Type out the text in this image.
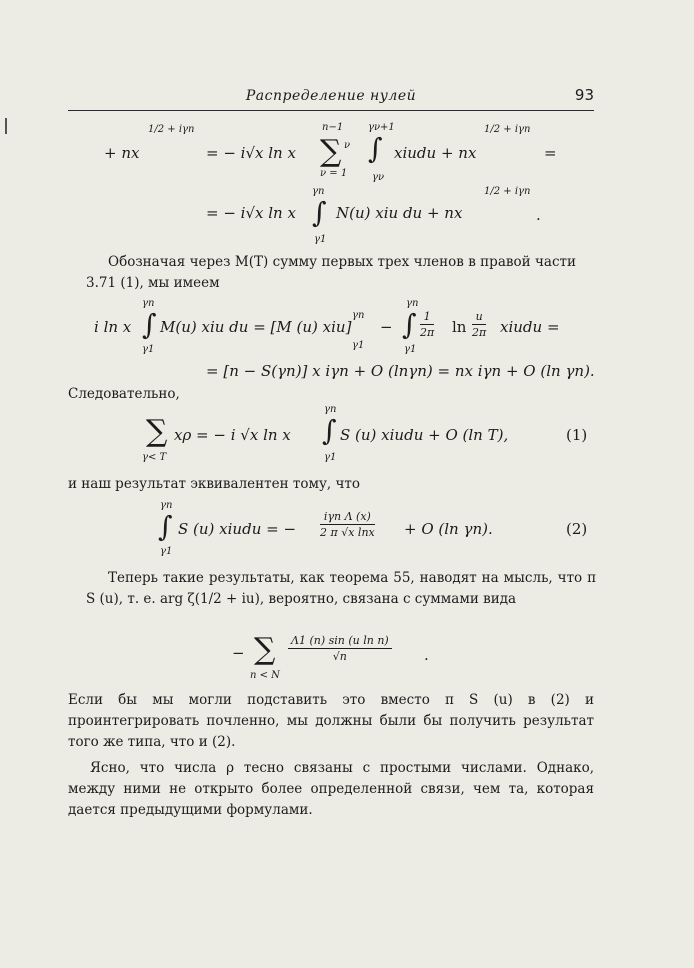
Распределение нулей	93
+ nx
1/2 + iγn
= − i√x ln x
n−1
∑ ν
ν = 1
γν+1
∫
γν
xiudu + nx
1/2 + iγn
=
= − i√x ln x
γn
∫
γ1
N(u) xiu du + nx
1/2 + iγn
.
Обозначая через M(T) сумму первых трех членов в правой части 3.71 (1), мы имеем
i ln x
γn
∫
γ1
M(u) xiu du = [M (u) xiu]
γn
γ1
−
γn
∫
γ1
$\frac{1}{2\pi}$ $\ln \frac{u}{2\pi}$ xiudu =
= [n − S(γn)] x iγn + O (lnγn) = nx iγn + O (ln γn).
Следовательно,
∑
γ< T
xρ = − i √x ln x
γn
∫
γ1
S (u) xiudu + O (ln T),	(1)
и наш результат эквивалентен тому, что
γn
∫
γ1
S (u) xiudu = −
iγn Λ (x)
2 π √x lnx + O (ln γn).	(2)
Теперь такие результаты, как теорема 55, наводят на мысль, что π S (u), т. е. arg ζ(1/2 + iu), вероятно, связана с суммами вида
− ∑
n < N
$\frac{\text{Λ1 (n) sin (u ln n)}}{√n}$ .
Если бы мы могли подставить это вместо π S (u) в (2) и проинтегрировать почленно, мы должны были бы получить результат того же типа, что и (2).
Ясно, что числа ρ тесно связаны с простыми числами. Однако, между ними не открыто более определенной связи, чем та, которая дается предыдущими формулами.
